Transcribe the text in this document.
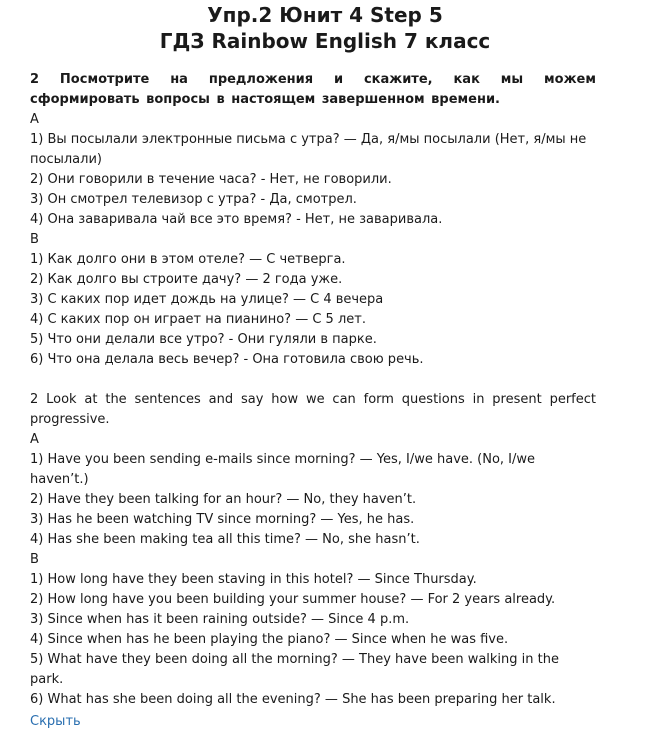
Упр.2 Юнит 4 Step 5
ГДЗ Rainbow English 7 класс

2 Посмотрите на предложения и скажите, как мы можем сформировать вопросы в настоящем завершенном времени.

A

1) Вы посылали электронные письма с утра? — Да, я/мы посылали (Нет, я/мы не посылали)

2) Они говорили в течение часа? - Нет, не говорили.

3) Он смотрел телевизор с утра? - Да, смотрел.

4) Она заваривала чай все это время? - Нет, не заваривала.

B

1) Как долго они в этом отеле? — С четверга.

2) Как долго вы строите дачу? — 2 года уже.

3) С каких пор идет дождь на улице? — С 4 вечера

4) С каких пор он играет на пианино? — С 5 лет.

5) Что они делали все утро? - Они гуляли в парке.

6) Что она делала весь вечер? - Она готовила свою речь.

2 Look at the sentences and say how we can form questions in present perfect progressive.

A

1) Have you been sending e-mails since morning? — Yes, I/we have. (No, I/we haven’t.)

2) Have they been talking for an hour? — No, they haven’t.

3) Has he been watching TV since morning? — Yes, he has.

4) Has she been making tea all this time? — No, she hasn’t.

B

1) How long have they been staving in this hotel? — Since Thursday.

2) How long have you been building your summer house? — For 2 years already.

3) Since when has it been raining outside? — Since 4 p.m.

4) Since when has he been playing the piano? — Since when he was five.

5) What have they been doing all the morning? — They have been walking in the park.

6) What has she been doing all the evening? — She has been preparing her talk.

Скрыть
